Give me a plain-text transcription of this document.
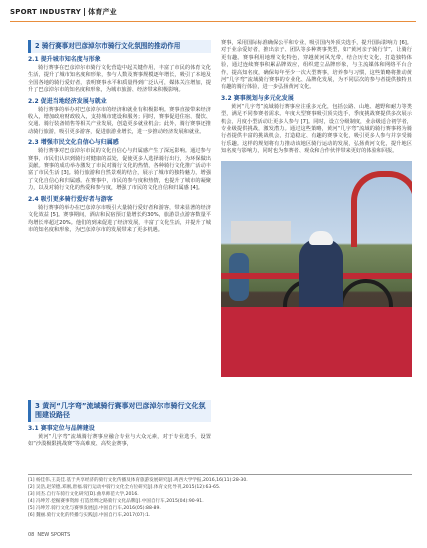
SPORT INDUSTRY 体育产业
2 骑行赛事对巴彦淖尔市骑行文化氛围的推动作用
2.1 提升城市知名度与形象

骑行赛事在巴彦淖尔市骑行文化营造中起关键作用，丰富了市民的体育文化生活，提升了城市知名度和形象，参与人数及赛事规模逐年增长，吸引了本地及全国各地的骑行爱好者，表明赛事水平和质量得到广泛认可，媒体关注增加，提升了巴彦淖尔市的知名度和形象，为城市旅游、经济带来积极影响。

2.2 促进当地经济发展与就业

骑行赛事的举办对巴彦淖尔市的经济和就业有积极影响。赛事直接带来经济收入，增加政府财政收入，支持城市建设和服务；同时，赛事促进住宿、餐饮、交通、骑行装备销售等相关产业发展，创造更多就业机会；此外，骑行赛事还推动骑行旅游，吸引更多游客，促进旅游业增长，进一步推动经济发展和就业。

2.3 增强市民文化自信心与归属感

骑行赛事对巴彦淖尔市民的文化自信心与归属感产生了深远影响。通过参与赛事，市民们认识到骑行对健康的益处，促使更多人选择骑行出行，为环保做出贡献。赛事的成功举办激发了市民对骑行文化的热情，各种骑行文化推广活动丰富了市民生活 [3]。骑行旅游和自然景观的结合，展示了城市的独特魅力，增强了文化自信心和归属感。在赛事中，市民的参与度和热情，也提升了城市的凝聚力，以及对骑行文化的热爱和参与度，增强了市民的文化自信和归属感 [4]。

2.4 吸引更多骑行爱好者与游客

骑行赛事的举办在巴彦淖尔市吸引大量骑行爱好者和游客，带来显著的经济文化效益 [5]。赛事期间，酒店和民宿预订量增长约30%，旅游景点游客数量平均增长率超过20%。他们的到来促进了经济发展，丰富了文化生活，并提升了城市的知名度和形象，为巴彦淖尔市的发展带来了更多机遇。

3 黄河“几字弯”流域骑行赛事对巴彦淖尔市骑行文化氛围建设路径
3.1 赛事定位与品牌建设

黄河“几字弯”流域骑行赛事应融合专业与大众元素，对于专业选手，设置如“沙漠极限挑战赛”等高难度、高奖金赛事，

赛事，采用国际标准确保公平和专业，吸引国内外顶尖选手，提升国际影响力 [6]。对于业余爱好者，推出亲子、团队等多种赛事类型，如“黄河亲子骑行节”，让骑行更有趣。赛事利用地理文化特色，穿越黄河风光带，结合历史文化，打造独特体验，通过连续赛事积累品牌效应，组织建立品牌形象，与主流媒体和网络平台合作，提高知名度，确保每年至少一次大型赛事，培养参与习惯，这些策略将推动黄河“几字弯”流域骑行赛事的专业化、品牌化发展，为不同层次的参与者提供独特且有趣的骑行体验，进一步弘扬黄河文化。

3.2 赛事规划与多元化发展

黄河“几字弯”流域骑行赛事应注重多元化，包括公路、山地、越野和耐力等类型，满足不同参赛者需求。年度大型赛事吸引顶尖选手，季度挑战赛提供多次展示机会，月度小型活动让更多人参与 [7]。同时，设立分级制度，业余级适合初学者，专业级提供挑战，激发潜力。通过这些策略，黄河“几字弯”流域的骑行赛事将为骑行者提供丰富的挑战机会，打造稳定、有趣的赛事文化，吸引更多人参与并享受骑行乐趣。这样的规划将有力推动该地区骑行运动的发展，弘扬黄河文化，提升地区知名度与影响力，同时也为参赛者、观众和合作伙伴带来更好的体验和回报。

[1] 杨佳伟,王美佳.基于共享经济的骑行文化传播及体育旅游发展研究[J].鸡西大学学报,2016,16(11):28-30.
[2] 吴浩,赵荣德,邓刚,唐福.骑行运动中骑行文化全方位研究[J].体育文化导刊,2015(12):63-65.
[3] 同杰.自行车骑行文化研究[D].曲阜师范大学,2016.
[4] 冯坤芳.挖掘赛事资源 打造丝绸之路骑行文化品牌[J].中国自行车,2015(04):90-91.
[5] 冯坤芳.骑行文化与赛事发展[J].中国自行车,2016(05):88-89.
[6] 魏丽.骑行文化的传播与实践[J].中国自行车,2017(07):1.
08 NEW SPORTS
